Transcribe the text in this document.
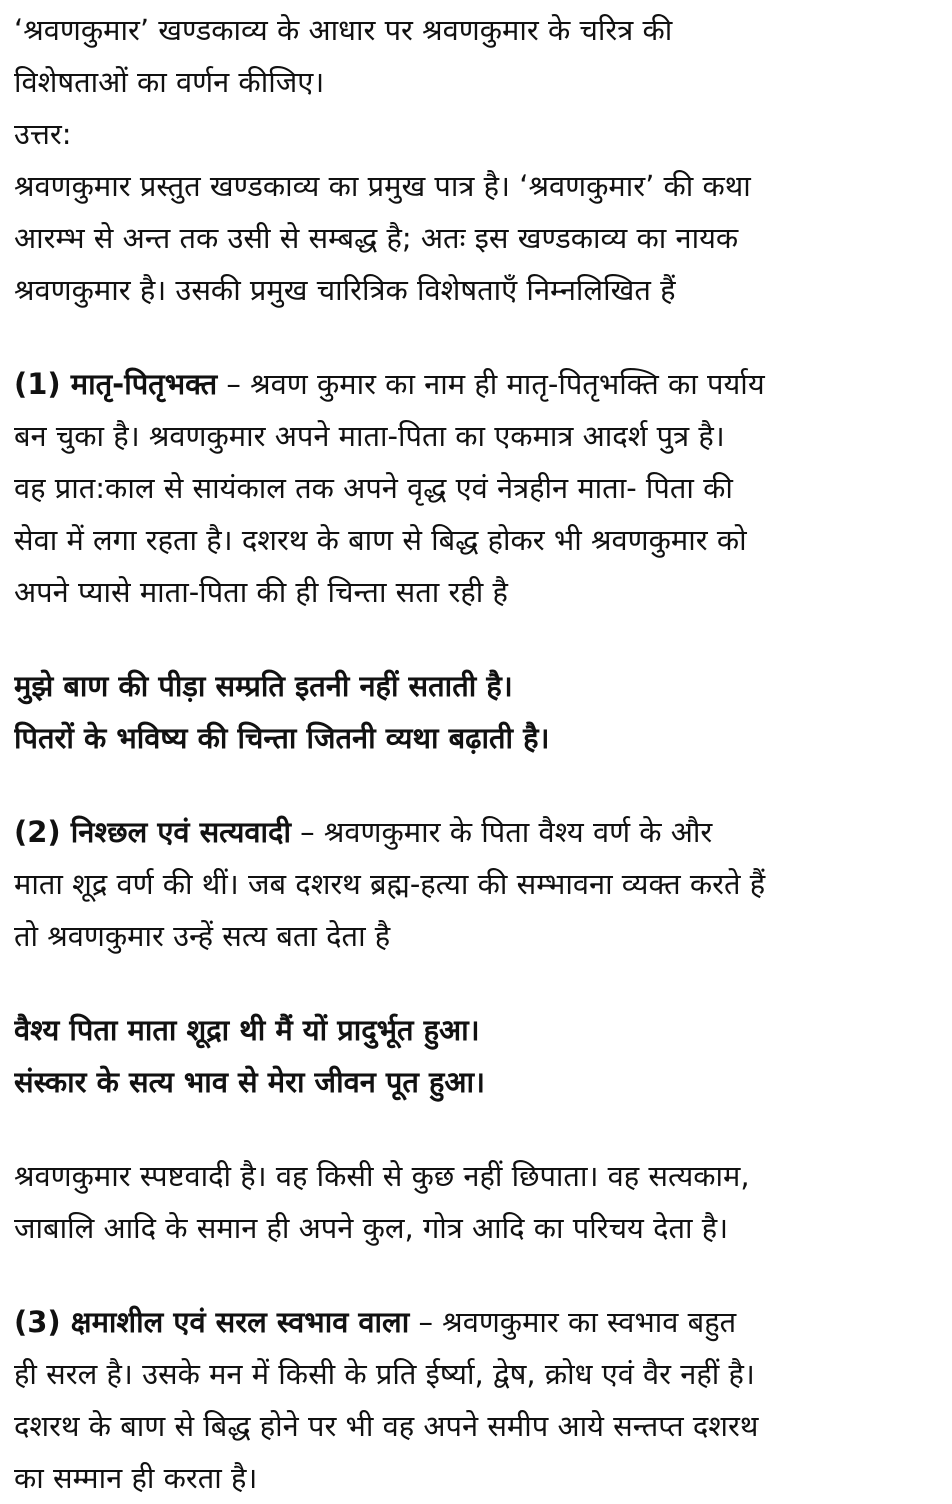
‘श्रवणकुमार’ खण्डकाव्य के आधार पर श्रवणकुमार के चरित्र की
विशेषताओं का वर्णन कीजिए।
उत्तर:
श्रवणकुमार प्रस्तुत खण्डकाव्य का प्रमुख पात्र है। ‘श्रवणकुमार’ की कथा
आरम्भ से अन्त तक उसी से सम्बद्ध है; अतः इस खण्डकाव्य का नायक
श्रवणकुमार है। उसकी प्रमुख चारित्रिक विशेषताएँ निम्नलिखित हैं
(1) मातृ-पितृभक्त – श्रवण कुमार का नाम ही मातृ-पितृभक्ति का पर्याय
बन चुका है। श्रवणकुमार अपने माता-पिता का एकमात्र आदर्श पुत्र है।
वह प्रात:काल से सायंकाल तक अपने वृद्ध एवं नेत्रहीन माता- पिता की
सेवा में लगा रहता है। दशरथ के बाण से बिद्ध होकर भी श्रवणकुमार को
अपने प्यासे माता-पिता की ही चिन्ता सता रही है
मुझे बाण की पीड़ा सम्प्रति इतनी नहीं सताती है।
पितरों के भविष्य की चिन्ता जितनी व्यथा बढ़ाती है।
(2) निश्छल एवं सत्यवादी – श्रवणकुमार के पिता वैश्य वर्ण के और
माता शूद्र वर्ण की थीं। जब दशरथ ब्रह्म-हत्या की सम्भावना व्यक्त करते हैं
तो श्रवणकुमार उन्हें सत्य बता देता है
वैश्य पिता माता शूद्रा थी मैं यों प्रादुर्भूत हुआ।
संस्कार के सत्य भाव से मेरा जीवन पूत हुआ।
श्रवणकुमार स्पष्टवादी है। वह किसी से कुछ नहीं छिपाता। वह सत्यकाम,
जाबालि आदि के समान ही अपने कुल, गोत्र आदि का परिचय देता है।
(3) क्षमाशील एवं सरल स्वभाव वाला – श्रवणकुमार का स्वभाव बहुत
ही सरल है। उसके मन में किसी के प्रति ईर्ष्या, द्वेष, क्रोध एवं वैर नहीं है।
दशरथ के बाण से बिद्ध होने पर भी वह अपने समीप आये सन्तप्त दशरथ
का सम्मान ही करता है।
